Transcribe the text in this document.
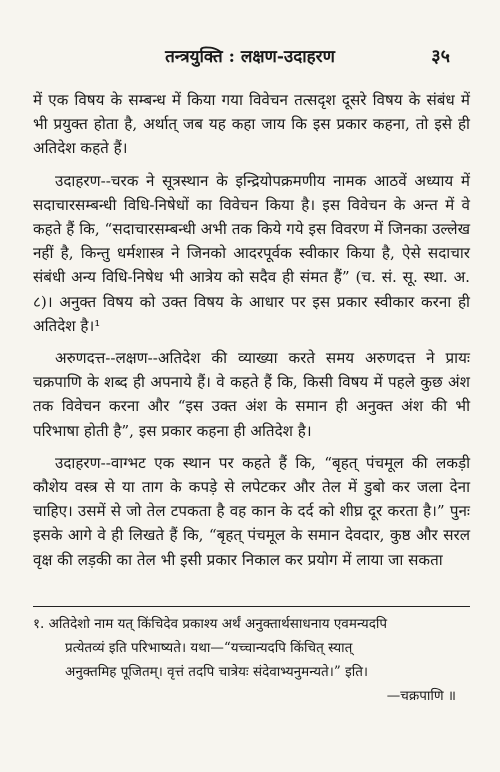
तन्त्रयुक्ति : लक्षण-उदाहरण	३५

में एक विषय के सम्बन्ध में किया गया विवेचन तत्सदृश दूसरे विषय के संबंध में भी प्रयुक्त होता है, अर्थात् जब यह कहा जाय कि इस प्रकार कहना, तो इसे ही अतिदेश कहते हैं।

उदाहरण--चरक ने सूत्रस्थान के इन्द्रियोपक्रमणीय नामक आठवें अध्याय में सदाचारसम्बन्धी विधि-निषेधों का विवेचन किया है। इस विवेचन के अन्त में वे कहते हैं कि, “सदाचारसम्बन्धी अभी तक किये गये इस विवरण में जिनका उल्लेख नहीं है, किन्तु धर्मशास्त्र ने जिनको आदरपूर्वक स्वीकार किया है, ऐसे सदाचार संबंधी अन्य विधि-निषेध भी आत्रेय को सदैव ही संमत हैं” (च. सं. सू. स्था. अ. ८)। अनुक्त विषय को उक्त विषय के आधार पर इस प्रकार स्वीकार करना ही अतिदेश है।¹

अरुणदत्त--लक्षण--अतिदेश की व्याख्या करते समय अरुणदत्त ने प्रायः चक्रपाणि के शब्द ही अपनाये हैं। वे कहते हैं कि, किसी विषय में पहले कुछ अंश तक विवेचन करना और “इस उक्त अंश के समान ही अनुक्त अंश की भी परिभाषा होती है”, इस प्रकार कहना ही अतिदेश है।

उदाहरण--वाग्भट एक स्थान पर कहते हैं कि, “बृहत् पंचमूल की लकड़ी कौशेय वस्त्र से या ताग के कपड़े से लपेटकर और तेल में डुबो कर जला देना चाहिए। उसमें से जो तेल टपकता है वह कान के दर्द को शीघ्र दूर करता है।” पुनः इसके आगे वे ही लिखते हैं कि, “बृहत् पंचमूल के समान देवदार, कुष्ठ और सरल वृक्ष की लड़की का तेल भी इसी प्रकार निकाल कर प्रयोग में लाया जा सकता

१. अतिदेशो नाम यत् किंचिदेव प्रकाश्य अर्थं अनुक्तार्थसाधनाय एवमन्यदपि
प्रत्येतव्यं इति परिभाष्यते। यथा—“यच्चान्यदपि किंचित् स्यात्
अनुक्तमिह पूजितम्। वृत्तं तदपि चात्रेयः संदेवाभ्यनुमन्यते।” इति।
—चक्रपाणि ॥
